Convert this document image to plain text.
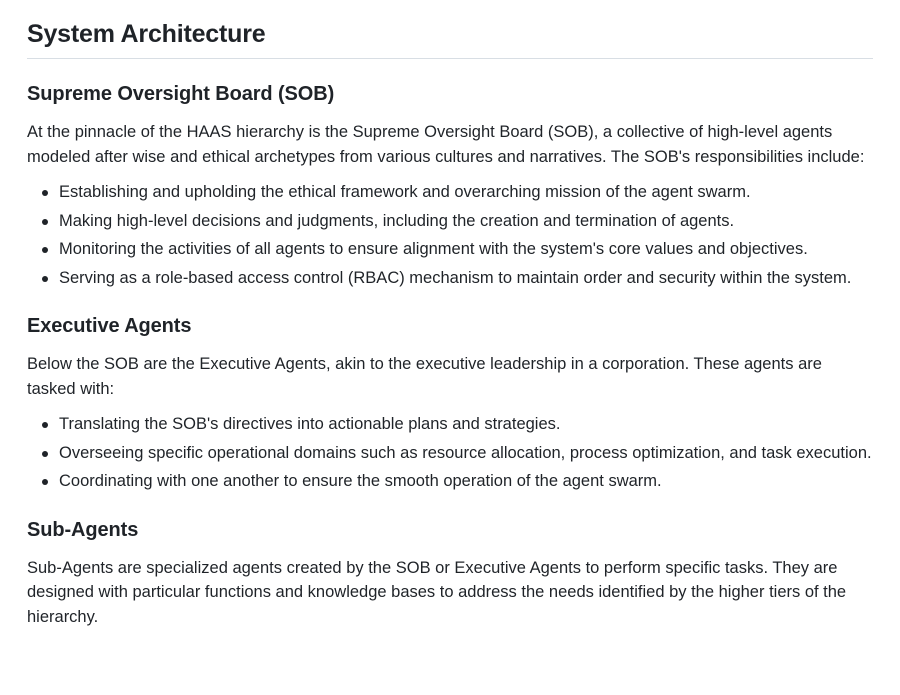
System Architecture
Supreme Oversight Board (SOB)

At the pinnacle of the HAAS hierarchy is the Supreme Oversight Board (SOB), a collective of high-level agents modeled after wise and ethical archetypes from various cultures and narratives. The SOB's responsibilities include:

Establishing and upholding the ethical framework and overarching mission of the agent swarm.
Making high-level decisions and judgments, including the creation and termination of agents.
Monitoring the activities of all agents to ensure alignment with the system's core values and objectives.
Serving as a role-based access control (RBAC) mechanism to maintain order and security within the system.
Executive Agents

Below the SOB are the Executive Agents, akin to the executive leadership in a corporation. These agents are tasked with:

Translating the SOB's directives into actionable plans and strategies.
Overseeing specific operational domains such as resource allocation, process optimization, and task execution.
Coordinating with one another to ensure the smooth operation of the agent swarm.
Sub-Agents

Sub-Agents are specialized agents created by the SOB or Executive Agents to perform specific tasks. They are designed with particular functions and knowledge bases to address the needs identified by the higher tiers of the hierarchy.
